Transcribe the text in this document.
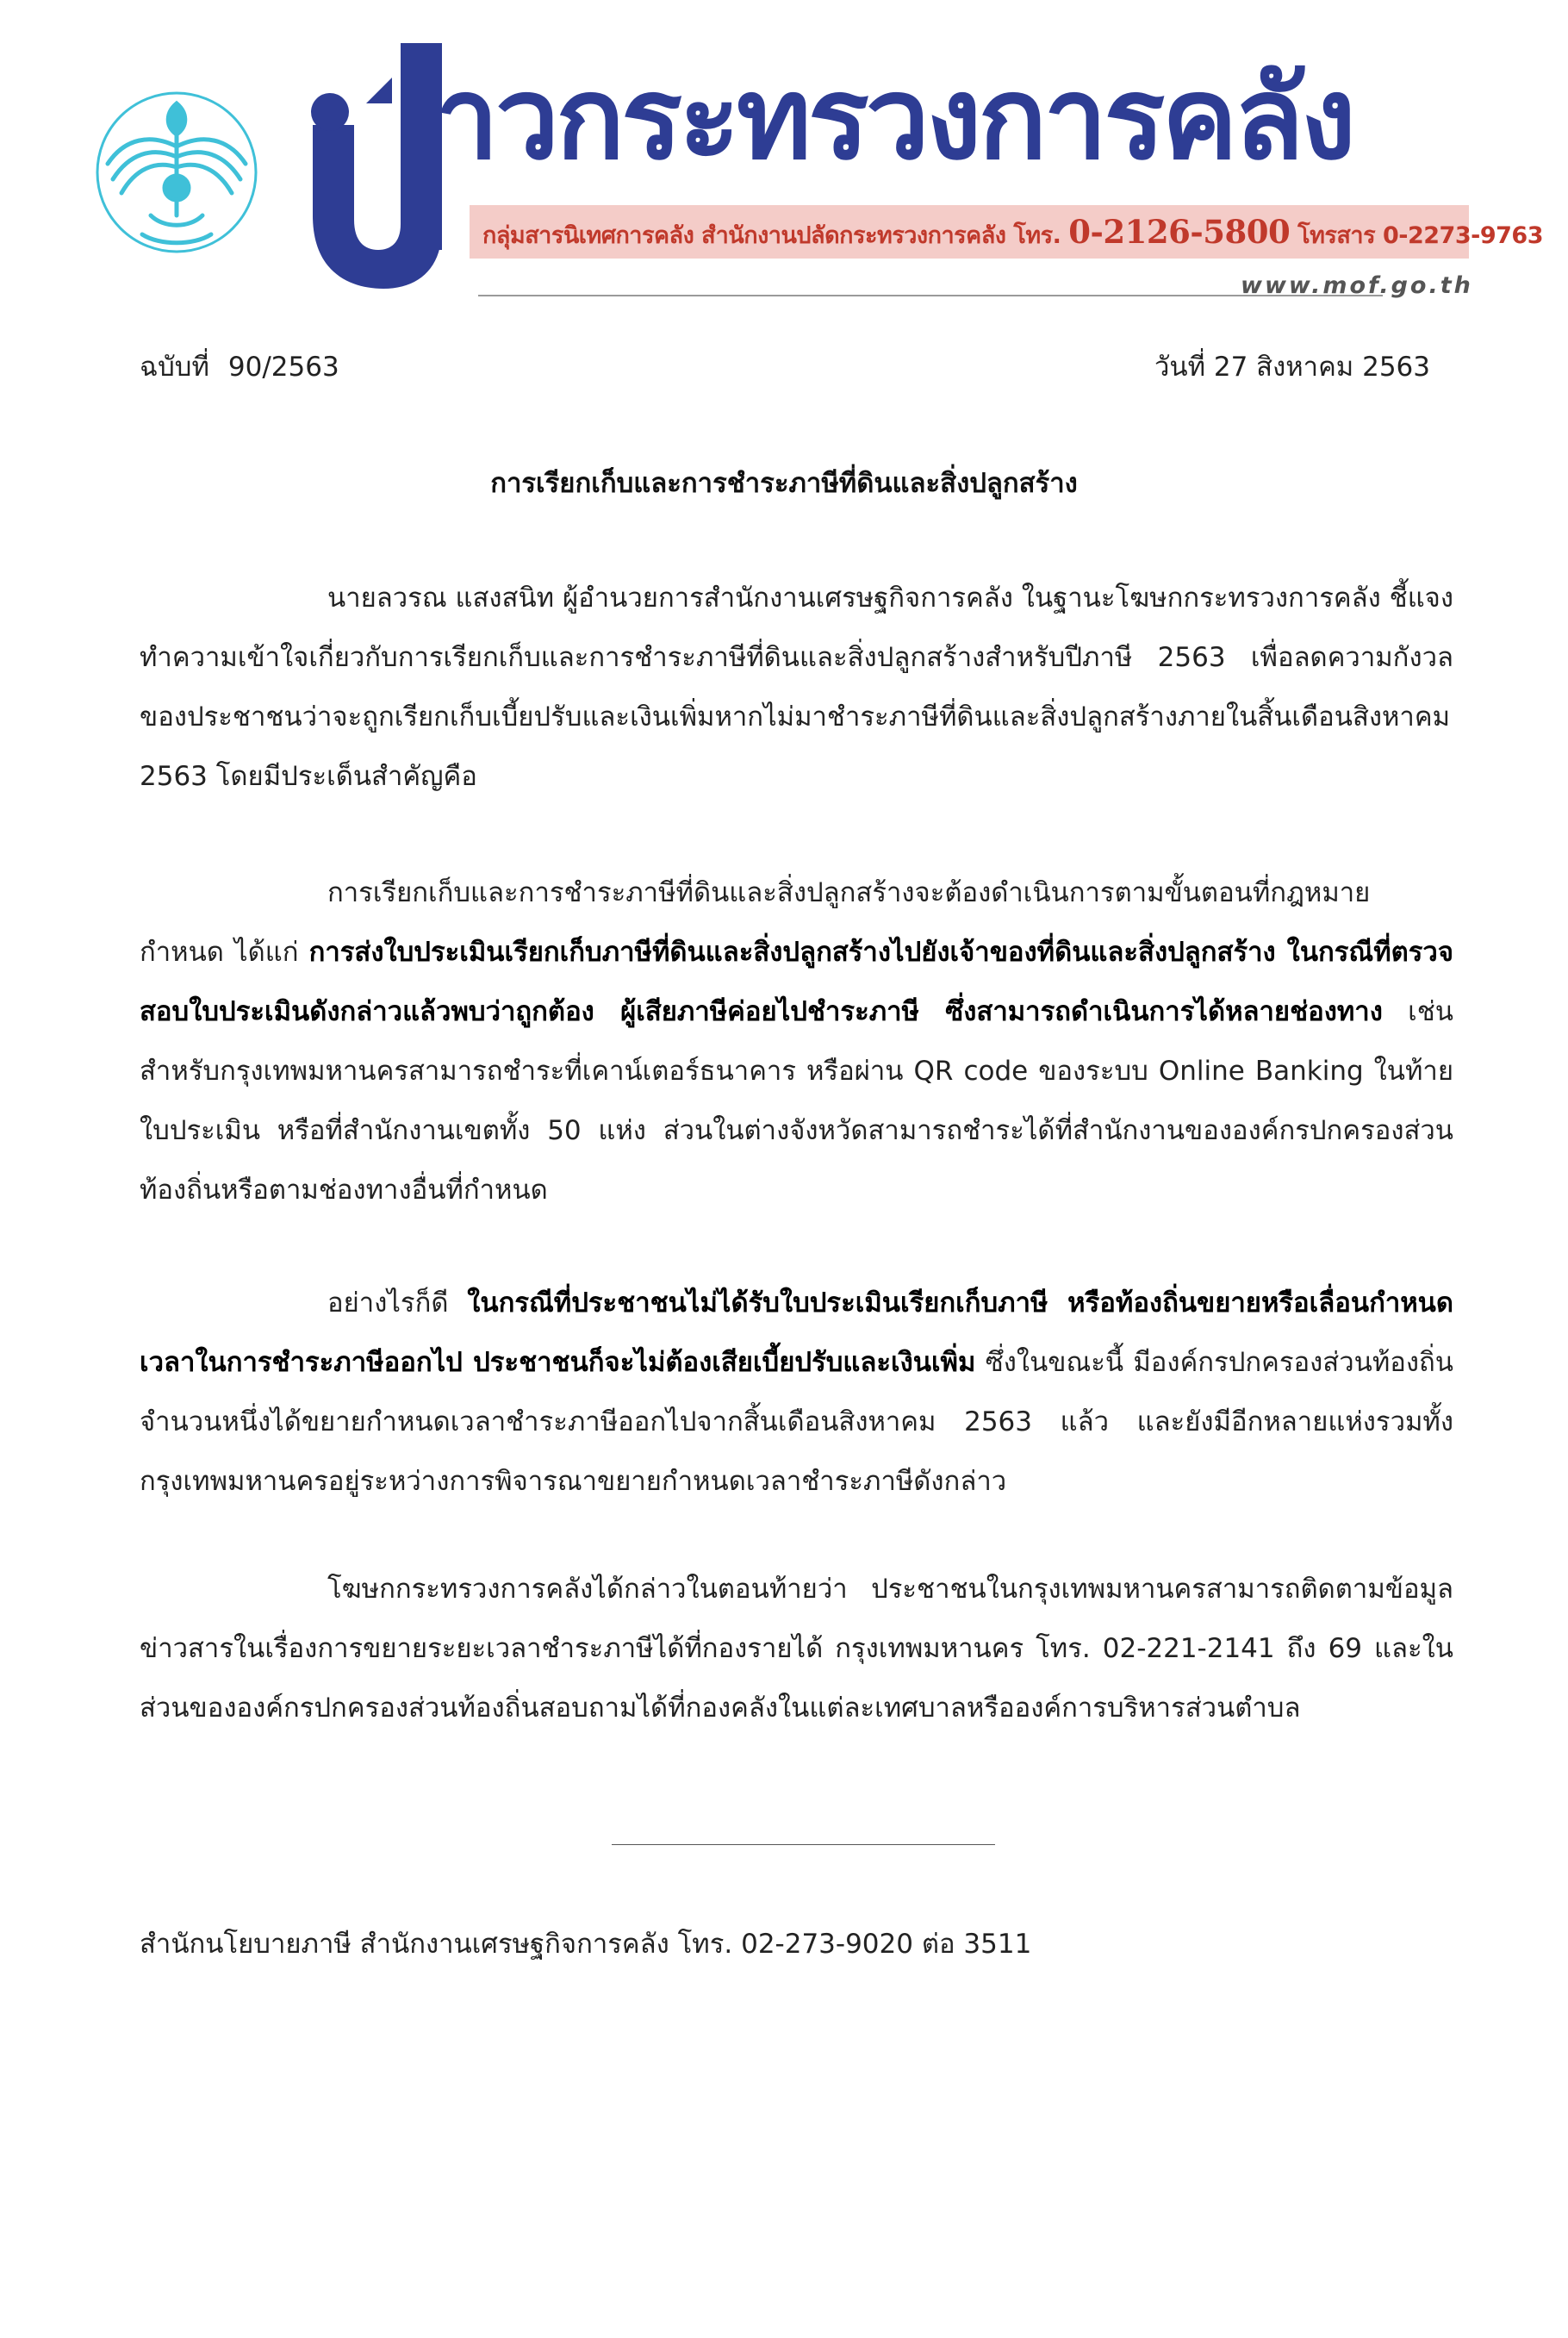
าวกระทรวงการคลัง
กลุ่มสารนิเทศการคลัง สำนักงานปลัดกระทรวงการคลัง โทร. 0-2126-5800 โทรสาร 0-2273-9763
www.mof.go.th
ฉบับที่ 90/2563	วันที่ 27 สิงหาคม 2563
การเรียกเก็บและการชำระภาษีที่ดินและสิ่งปลูกสร้าง
นายลวรณ แสงสนิท ผู้อำนวยการสำนักงานเศรษฐกิจการคลัง ในฐานะโฆษกกระทรวงการคลัง ชี้แจงทำความเข้าใจเกี่ยวกับการเรียกเก็บและการชำระภาษีที่ดินและสิ่งปลูกสร้างสำหรับปีภาษี 2563 เพื่อลดความกังวลของประชาชนว่าจะถูกเรียกเก็บเบี้ยปรับและเงินเพิ่มหากไม่มาชำระภาษีที่ดินและสิ่งปลูกสร้างภายในสิ้นเดือนสิงหาคม 2563 โดยมีประเด็นสำคัญคือ
การเรียกเก็บและการชำระภาษีที่ดินและสิ่งปลูกสร้างจะต้องดำเนินการตามขั้นตอนที่กฎหมายกำหนด ได้แก่ การส่งใบประเมินเรียกเก็บภาษีที่ดินและสิ่งปลูกสร้างไปยังเจ้าของที่ดินและสิ่งปลูกสร้าง ในกรณีที่ตรวจสอบใบประเมินดังกล่าวแล้วพบว่าถูกต้อง ผู้เสียภาษีค่อยไปชำระภาษี ซึ่งสามารถดำเนินการได้หลายช่องทาง เช่น สำหรับกรุงเทพมหานครสามารถชำระที่เคาน์เตอร์ธนาคาร หรือผ่าน QR code ของระบบ Online Banking ในท้ายใบประเมิน หรือที่สำนักงานเขตทั้ง 50 แห่ง ส่วนในต่างจังหวัดสามารถชำระได้ที่สำนักงานขององค์กรปกครองส่วนท้องถิ่นหรือตามช่องทางอื่นที่กำหนด
อย่างไรก็ดี ในกรณีที่ประชาชนไม่ได้รับใบประเมินเรียกเก็บภาษี หรือท้องถิ่นขยายหรือเลื่อนกำหนดเวลาในการชำระภาษีออกไป ประชาชนก็จะไม่ต้องเสียเบี้ยปรับและเงินเพิ่ม ซึ่งในขณะนี้ มีองค์กรปกครองส่วนท้องถิ่นจำนวนหนึ่งได้ขยายกำหนดเวลาชำระภาษีออกไปจากสิ้นเดือนสิงหาคม 2563 แล้ว และยังมีอีกหลายแห่งรวมทั้งกรุงเทพมหานครอยู่ระหว่างการพิจารณาขยายกำหนดเวลาชำระภาษีดังกล่าว
โฆษกกระทรวงการคลังได้กล่าวในตอนท้ายว่า ประชาชนในกรุงเทพมหานครสามารถติดตามข้อมูลข่าวสารในเรื่องการขยายระยะเวลาชำระภาษีได้ที่กองรายได้ กรุงเทพมหานคร โทร. 02-221-2141 ถึง 69 และในส่วนขององค์กรปกครองส่วนท้องถิ่นสอบถามได้ที่กองคลังในแต่ละเทศบาลหรือองค์การบริหารส่วนตำบล
สำนักนโยบายภาษี สำนักงานเศรษฐกิจการคลัง โทร. 02-273-9020 ต่อ 3511
